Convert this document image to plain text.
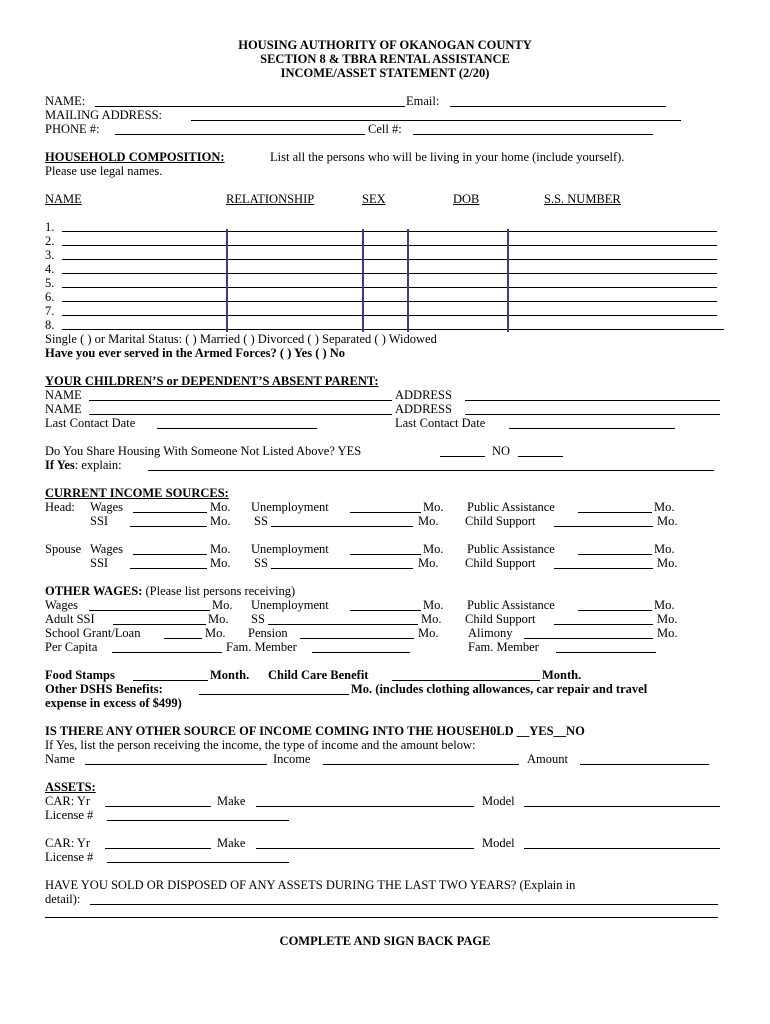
HOUSING AUTHORITY OF OKANOGAN COUNTY
SECTION 8 & TBRA RENTAL ASSISTANCE
INCOME/ASSET STATEMENT (2/20)
NAME:	Email:
MAILING ADDRESS:
PHONE #:	Cell #:
HOUSEHOLD COMPOSITION:	List all the persons who will be living in your home (include yourself).
Please use legal names.
NAME	RELATIONSHIP	SEX	DOB	S.S. NUMBER
1.
2.
3.
4.
5.
6.
7.
8.
Single ( ) or Marital Status: ( ) Married ( ) Divorced ( ) Separated ( ) Widowed
Have you ever served in the Armed Forces? ( ) Yes ( ) No
YOUR CHILDREN’S or DEPENDENT’S ABSENT PARENT:
NAME	ADDRESS
NAME	ADDRESS
Last Contact Date	Last Contact Date
Do You Share Housing With Someone Not Listed Above? YES	NO
If Yes: explain:
CURRENT INCOME SOURCES:
Head: Wages	Mo. Unemployment	Mo. Public Assistance	Mo.
SSI	Mo. SS	Mo. Child Support	Mo.
Spouse Wages	Mo. Unemployment	Mo. Public Assistance	Mo.
SSI	Mo. SS	Mo. Child Support	Mo.
OTHER WAGES: (Please list persons receiving)
Wages	Mo. Unemployment	Mo. Public Assistance	Mo.
Adult SSI	Mo. SS	Mo. Child Support	Mo.
School Grant/Loan	Mo. Pension	Mo. Alimony	Mo.
Per Capita	Fam. Member	Fam. Member
Food Stamps	Month. Child Care Benefit	Month.
Other DSHS Benefits:	Mo. (includes clothing allowances, car repair and travel
expense in excess of $499)
IS THERE ANY OTHER SOURCE OF INCOME COMING INTO THE HOUSEH0LD __YES__NO
If Yes, list the person receiving the income, the type of income and the amount below:
Name	Income	Amount
ASSETS:
CAR: Yr	Make	Model
License #
CAR: Yr	Make	Model
License #
HAVE YOU SOLD OR DISPOSED OF ANY ASSETS DURING THE LAST TWO YEARS? (Explain in
detail):
COMPLETE AND SIGN BACK PAGE
